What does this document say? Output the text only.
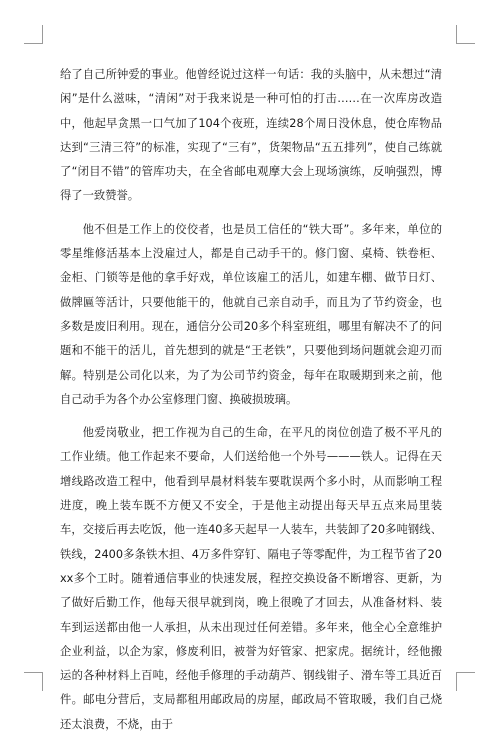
给了自己所钟爱的事业。他曾经说过这样一句话：我的头脑中，从未想过“清闲”是什么滋味，“清闲”对于我来说是一种可怕的打击……在一次库房改造中，他起早贪黑一口气加了104个夜班，连续28个周日没休息，使仓库物品达到“三清三符”的标准，实现了“三有”，货架物品“五五排列”，使自己练就了“闭目不错”的管库功夫，在全省邮电观摩大会上现场演练，反响强烈，博得了一致赞誉。

他不但是工作上的佼佼者，也是员工信任的“铁大哥”。多年来，单位的零星维修活基本上没雇过人，都是自己动手干的。修门窗、桌椅、铁卷柜、金柜、门锁等是他的拿手好戏，单位该雇工的活儿，如建车棚、做节日灯、做牌匾等活计，只要他能干的，他就自己亲自动手，而且为了节约资金，也多数是废旧利用。现在，通信分公司20多个科室班组，哪里有解决不了的问题和不能干的活儿，首先想到的就是“王老铁”，只要他到场问题就会迎刃而解。特别是公司化以来，为了为公司节约资金，每年在取暖期到来之前，他自己动手为各个办公室修理门窗、换破损玻璃。

他爱岗敬业，把工作视为自己的生命，在平凡的岗位创造了极不平凡的工作业绩。他工作起来不要命，人们送给他一个外号———铁人。记得在天增线路改造工程中，他看到早晨材料装车要耽误两个多小时，从而影响工程进度，晚上装车既不方便又不安全，于是他主动提出每天早五点来局里装车，交接后再去吃饭，他一连40多天起早一人装车，共装卸了20多吨钢线、铁线，2400多条铁木担、4万多件穿钉、隔电子等零配件，为工程节省了20xx多个工时。随着通信事业的快速发展，程控交换设备不断增容、更新，为了做好后勤工作，他每天很早就到岗，晚上很晚了才回去，从准备材料、装车到运送都由他一人承担，从未出现过任何差错。多年来，他全心全意维护企业利益，以企为家，修废利旧，被誉为好管家、把家虎。据统计，经他搬运的各种材料上百吨，经他手修理的手动葫芦、钢线钳子、滑车等工具近百件。邮电分营后，支局都租用邮政局的房屋，邮政局不管取暖，我们自己烧还太浪费，不烧，由于
